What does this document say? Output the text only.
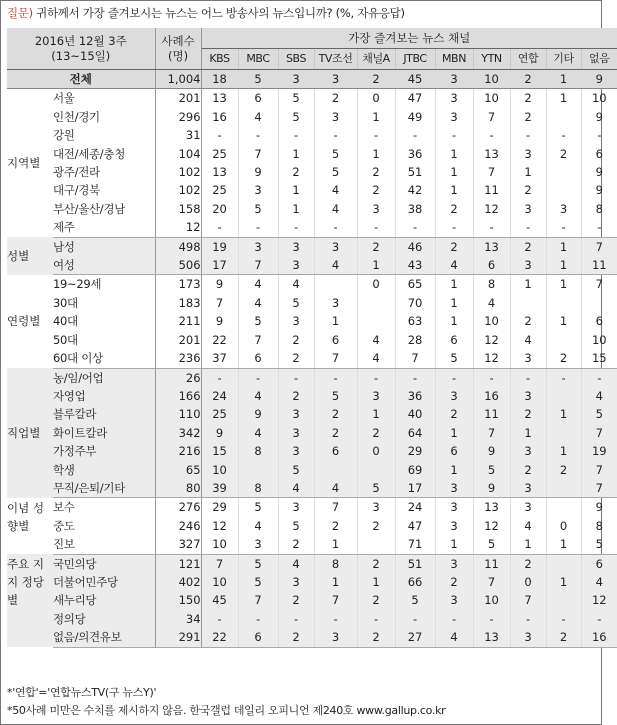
질문) 귀하께서 가장 즐겨보시는 뉴스는 어느 방송사의 뉴스입니까? (%, 자유응답)
2016년 12월 3주
(13~15일)		사례수
(명)	가장 즐겨보는 뉴스 채널										
			KBS	MBC	SBS	TV조선	채널A	JTBC	MBN	YTN	연합	기타	없음
전체		1,004	18	5	3	3	2	45	3	10	2	1	9
지역별	서울	201	13	6	5	2	0	47	3	10	2	1	10
	인천/경기	296	16	4	5	3	1	49	3	7	2		9
	강원	31	-	-	-	-	-	-	-	-	-	-	-
	대전/세종/충청	104	25	7	1	5	1	36	1	13	3	2	6
	광주/전라	102	13	9	2	5	2	51	1	7	1		9
	대구/경북	102	25	3	1	4	2	42	1	11	2		9
	부산/울산/경남	158	20	5	1	4	3	38	2	12	3	3	8
	제주	12	-	-	-	-	-	-	-	-	-	-	-
성별	남성	498	19	3	3	3	2	46	2	13	2	1	7
	여성	506	17	7	3	4	1	43	4	6	3	1	11
연령별	19~29세	173	9	4	4		0	65	1	8	1	1	7
	30대	183	7	4	5	3		70	1	4			
	40대	211	9	5	3	1		63	1	10	2	1	6
	50대	201	22	7	2	6	4	28	6	12	4		10
	60대 이상	236	37	6	2	7	4	7	5	12	3	2	15
직업별	농/임/어업	26	-	-	-	-	-	-	-	-	-	-	-
	자영업	166	24	4	2	5	3	36	3	16	3		4
	블루칼라	110	25	9	3	2	1	40	2	11	2	1	5
	화이트칼라	342	9	4	3	2	2	64	1	7	1		7
	가정주부	216	15	8	3	6	0	29	6	9	3	1	19
	학생	65	10		5			69	1	5	2	2	7
	무직/은퇴/기타	80	39	8	4	4	5	17	3	9	3		7
이념 성향별	보수	276	29	5	3	7	3	24	3	13	3		9
	중도	246	12	4	5	2	2	47	3	12	4	0	8
	진보	327	10	3	2	1		71	1	5	1	1	5
주요 지지 정당별	국민의당	121	7	5	4	8	2	51	3	11	2		6
	더불어민주당	402	10	5	3	1	1	66	2	7	0	1	4
	새누리당	150	45	7	2	7	2	5	3	10	7		12
	정의당	34	-	-	-	-	-	-	-	-	-	-	-
	없음/의견유보	291	22	6	2	3	2	27	4	13	3	2	16
*'연합'='연합뉴스TV(구 뉴스Y)'
*50사례 미만은 수치를 제시하지 않음. 한국갤럽 데일리 오피니언 제240호 www.gallup.co.kr
